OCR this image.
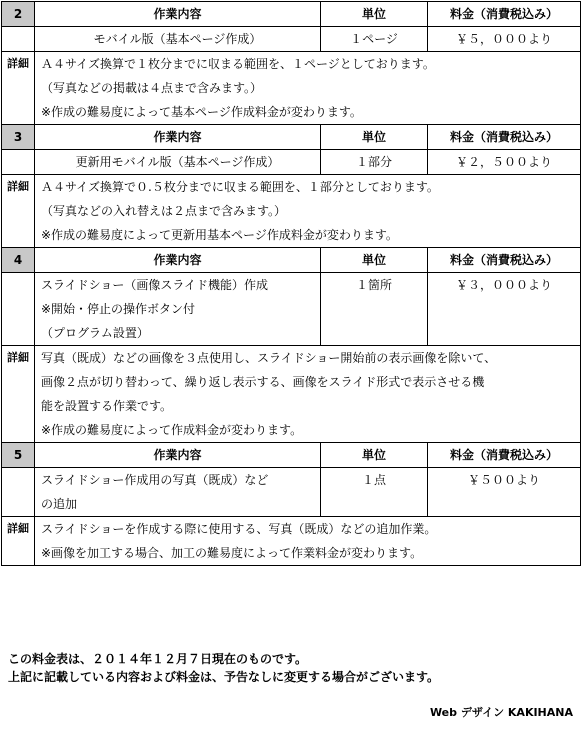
2	作業内容	単位	料金（消費税込み）

	モバイル版（基本ページ作成）	１ページ	￥５，０００より
詳細	Ａ４サイズ換算で１枚分までに収まる範囲を、１ページとしております。
（写真などの掲載は４点まで含みます。）
※作成の難易度によって基本ページ作成料金が変わります。		

3	作業内容	単位	料金（消費税込み）

	更新用モバイル版（基本ページ作成）	１部分	￥２，５００より
詳細	Ａ４サイズ換算で０.５枚分までに収まる範囲を、１部分としております。
（写真などの入れ替えは２点まで含みます。）
※作成の難易度によって更新用基本ページ作成料金が変わります。		

4	作業内容	単位	料金（消費税込み）

	スライドショー（画像スライド機能）作成
※開始・停止の操作ボタン付
（プログラム設置）	１箇所	￥３，０００より
詳細	写真（既成）などの画像を３点使用し、スライドショー開始前の表示画像を除いて、
画像２点が切り替わって、繰り返し表示する、画像をスライド形式で表示させる機
能を設置する作業です。
※作成の難易度によって作成料金が変わります。		

5	作業内容	単位	料金（消費税込み）

	スライドショー作成用の写真（既成）など
の追加	１点	￥５００より
詳細	スライドショーを作成する際に使用する、写真（既成）などの追加作業。
※画像を加工する場合、加工の難易度によって作業料金が変わります。		
この料金表は、２０１４年１２月７日現在のものです。
上記に記載している内容および料金は、予告なしに変更する場合がございます。
Web デザイン KAKIHANA
